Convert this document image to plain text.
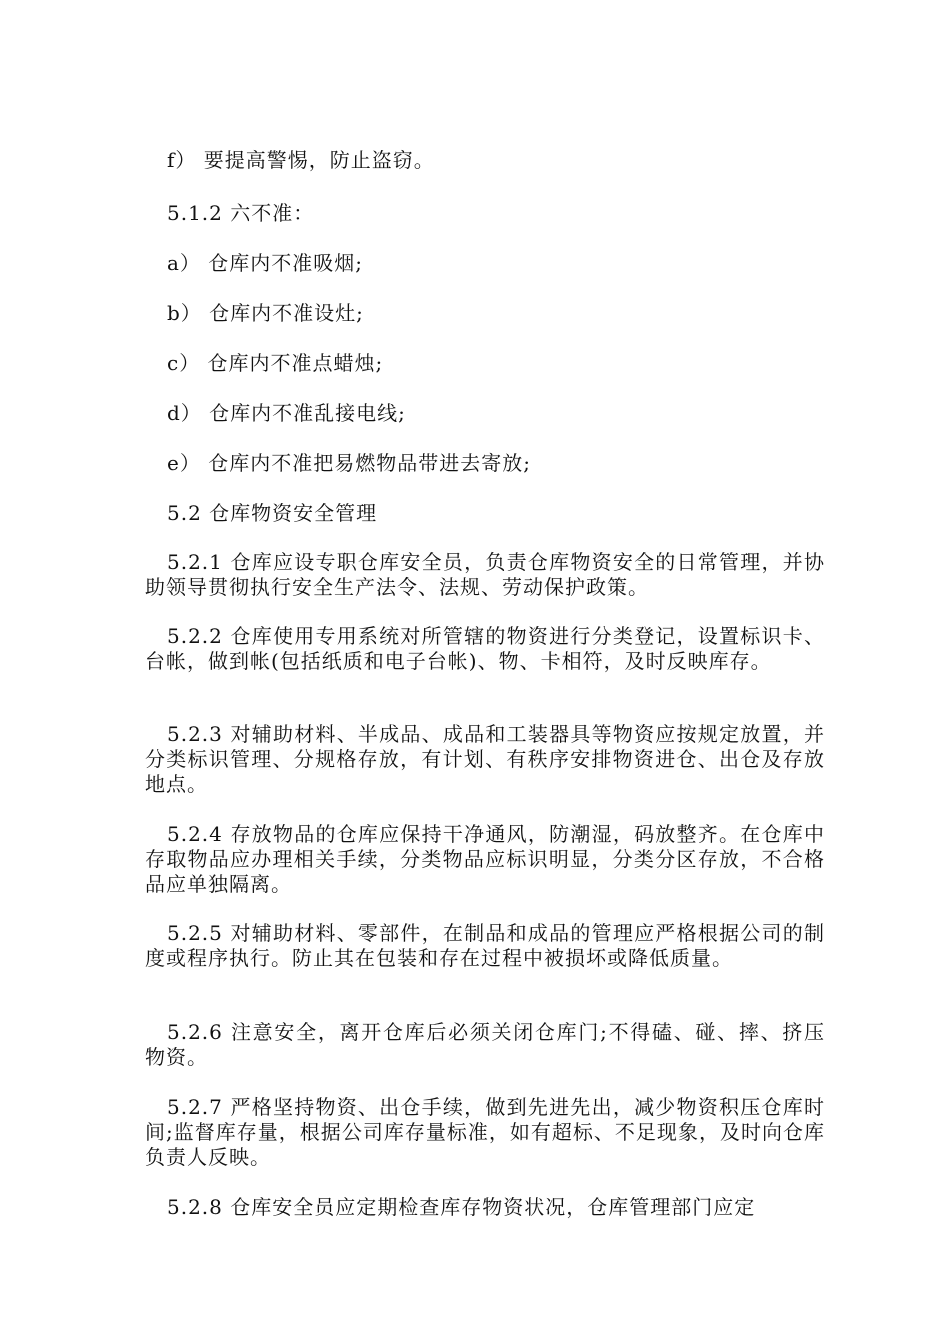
f） 要提高警惕，防止盗窃。
5.1.2 六不准：
a） 仓库内不准吸烟;
b） 仓库内不准设灶;
c） 仓库内不准点蜡烛;
d） 仓库内不准乱接电线;
e） 仓库内不准把易燃物品带进去寄放;
5.2 仓库物资安全管理
5.2.1 仓库应设专职仓库安全员，负责仓库物资安全的日常管理，并协助领导贯彻执行安全生产法令、法规、劳动保护政策。
5.2.2 仓库使用专用系统对所管辖的物资进行分类登记，设置标识卡、台帐，做到帐(包括纸质和电子台帐)、物、卡相符，及时反映库存。
5.2.3 对辅助材料、半成品、成品和工装器具等物资应按规定放置，并分类标识管理、分规格存放，有计划、有秩序安排物资进仓、出仓及存放地点。
5.2.4 存放物品的仓库应保持干净通风，防潮湿，码放整齐。在仓库中存取物品应办理相关手续，分类物品应标识明显，分类分区存放，不合格品应单独隔离。
5.2.5 对辅助材料、零部件，在制品和成品的管理应严格根据公司的制度或程序执行。防止其在包装和存在过程中被损坏或降低质量。
5.2.6 注意安全，离开仓库后必须关闭仓库门;不得磕、碰、摔、挤压物资。
5.2.7 严格坚持物资、出仓手续，做到先进先出，减少物资积压仓库时间;监督库存量，根据公司库存量标准，如有超标、不足现象，及时向仓库负责人反映。
5.2.8 仓库安全员应定期检查库存物资状况，仓库管理部门应定
